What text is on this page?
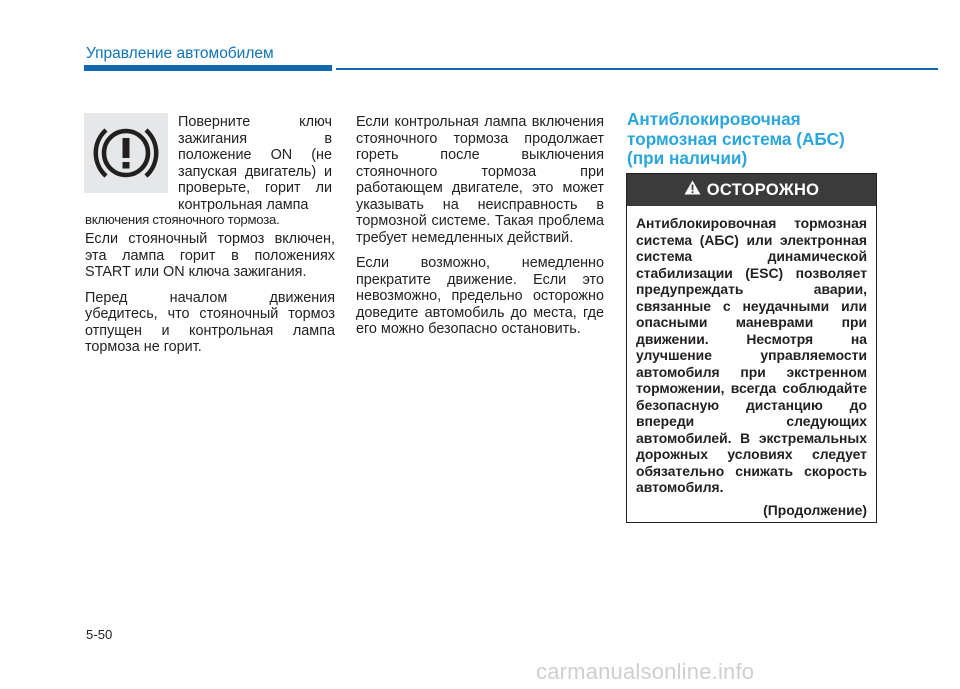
Управление автомобилем

Поверните ключ зажигания в положение ON (не запуская двигатель) и проверьте, горит ли контрольная лампа

включения стояночного тормоза.

Если стояночный тормоз включен, эта лампа горит в положениях START или ON ключа зажигания.

Перед началом движения убедитесь, что стояночный тормоз отпущен и контрольная лампа тормоза не горит.

Если контрольная лампа включения стояночного тормоза продолжает гореть после выключения стояночного тормоза при работающем двигателе, это может указывать на неисправность в тормозной системе. Такая проблема требует немедленных действий.

Если возможно, немедленно прекратите движение. Если это невозможно, предельно осторожно доведите автомобиль до места, где его можно безопасно остановить.

Антиблокировочная тормозная система (АБС) (при наличии)
ОСТОРОЖНО
Антиблокировочная тормозная система (АБС) или электронная система динамической стабилизации (ESC) позволяет предупреждать аварии, связанные с неудачными или опасными маневрами при движении. Несмотря на улучшение управляемости автомобиля при экстренном торможении, всегда соблюдайте безопасную дистанцию до впереди следующих автомобилей. В экстремальных дорожных условиях следует обязательно снижать скорость автомобиля.
(Продолжение)
5-50
carmanualsonline.info
